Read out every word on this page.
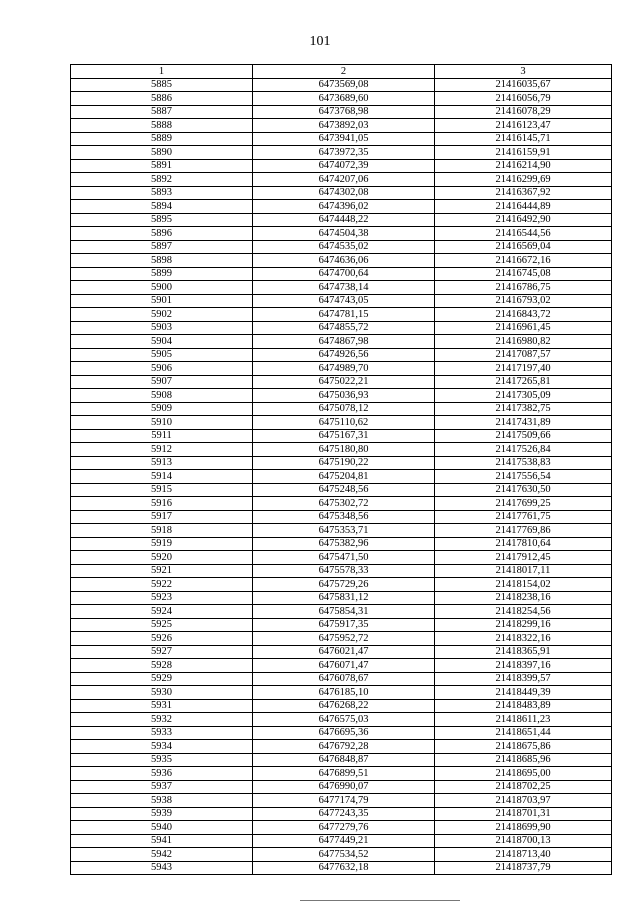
101
1	2	3
5885	6473569,08	21416035,67
5886	6473689,60	21416056,79
5887	6473768,98	21416078,29
5888	6473892,03	21416123,47
5889	6473941,05	21416145,71
5890	6473972,35	21416159,91
5891	6474072,39	21416214,90
5892	6474207,06	21416299,69
5893	6474302,08	21416367,92
5894	6474396,02	21416444,89
5895	6474448,22	21416492,90
5896	6474504,38	21416544,56
5897	6474535,02	21416569,04
5898	6474636,06	21416672,16
5899	6474700,64	21416745,08
5900	6474738,14	21416786,75
5901	6474743,05	21416793,02
5902	6474781,15	21416843,72
5903	6474855,72	21416961,45
5904	6474867,98	21416980,82
5905	6474926,56	21417087,57
5906	6474989,70	21417197,40
5907	6475022,21	21417265,81
5908	6475036,93	21417305,09
5909	6475078,12	21417382,75
5910	6475110,62	21417431,89
5911	6475167,31	21417509,66
5912	6475180,80	21417526,84
5913	6475190,22	21417538,83
5914	6475204,81	21417556,54
5915	6475248,56	21417630,50
5916	6475302,72	21417699,25
5917	6475348,56	21417761,75
5918	6475353,71	21417769,86
5919	6475382,96	21417810,64
5920	6475471,50	21417912,45
5921	6475578,33	21418017,11
5922	6475729,26	21418154,02
5923	6475831,12	21418238,16
5924	6475854,31	21418254,56
5925	6475917,35	21418299,16
5926	6475952,72	21418322,16
5927	6476021,47	21418365,91
5928	6476071,47	21418397,16
5929	6476078,67	21418399,57
5930	6476185,10	21418449,39
5931	6476268,22	21418483,89
5932	6476575,03	21418611,23
5933	6476695,36	21418651,44
5934	6476792,28	21418675,86
5935	6476848,87	21418685,96
5936	6476899,51	21418695,00
5937	6476990,07	21418702,25
5938	6477174,79	21418703,97
5939	6477243,35	21418701,31
5940	6477279,76	21418699,90
5941	6477449,21	21418700,13
5942	6477534,52	21418713,40
5943	6477632,18	21418737,79
